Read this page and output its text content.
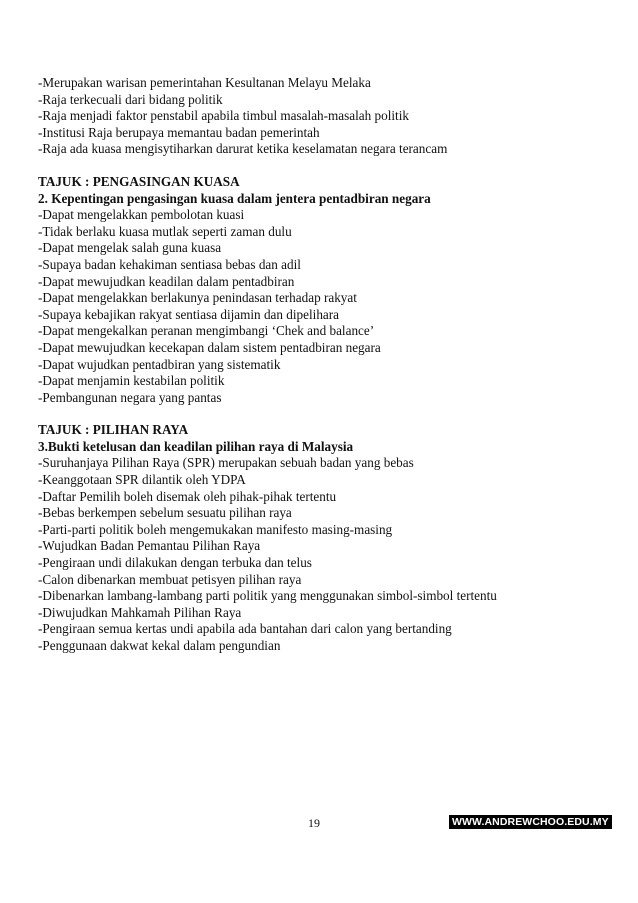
-Merupakan warisan pemerintahan Kesultanan Melayu Melaka
-Raja terkecuali dari bidang politik
-Raja menjadi faktor penstabil apabila timbul masalah-masalah politik
-Institusi Raja berupaya memantau badan pemerintah
-Raja ada kuasa mengisytiharkan darurat ketika keselamatan negara terancam
TAJUK : PENGASINGAN KUASA
2. Kepentingan pengasingan kuasa dalam jentera pentadbiran negara
-Dapat mengelakkan pembolotan kuasi
-Tidak berlaku kuasa mutlak seperti zaman dulu
-Dapat mengelak salah guna kuasa
-Supaya badan kehakiman sentiasa bebas dan adil
-Dapat mewujudkan keadilan dalam pentadbiran
-Dapat mengelakkan berlakunya penindasan terhadap rakyat
-Supaya kebajikan rakyat sentiasa dijamin dan dipelihara
-Dapat mengekalkan peranan mengimbangi ‘Chek and balance’
-Dapat mewujudkan kecekapan dalam sistem pentadbiran negara
-Dapat wujudkan pentadbiran yang sistematik
-Dapat menjamin kestabilan politik
-Pembangunan negara yang pantas
TAJUK : PILIHAN RAYA
3.Bukti ketelusan dan keadilan pilihan raya di Malaysia
-Suruhanjaya Pilihan Raya (SPR) merupakan sebuah badan yang bebas
-Keanggotaan SPR dilantik oleh YDPA
-Daftar Pemilih boleh disemak oleh pihak-pihak tertentu
-Bebas berkempen sebelum sesuatu pilihan raya
-Parti-parti politik boleh mengemukakan manifesto masing-masing
-Wujudkan Badan Pemantau Pilihan Raya
-Pengiraan undi dilakukan dengan terbuka dan telus
-Calon dibenarkan membuat petisyen pilihan raya
-Dibenarkan lambang-lambang parti politik yang menggunakan simbol-simbol tertentu
-Diwujudkan Mahkamah Pilihan Raya
-Pengiraan semua kertas undi apabila ada bantahan dari calon yang bertanding
-Penggunaan dakwat kekal dalam pengundian
19	WWW.ANDREWCHOO.EDU.MY
